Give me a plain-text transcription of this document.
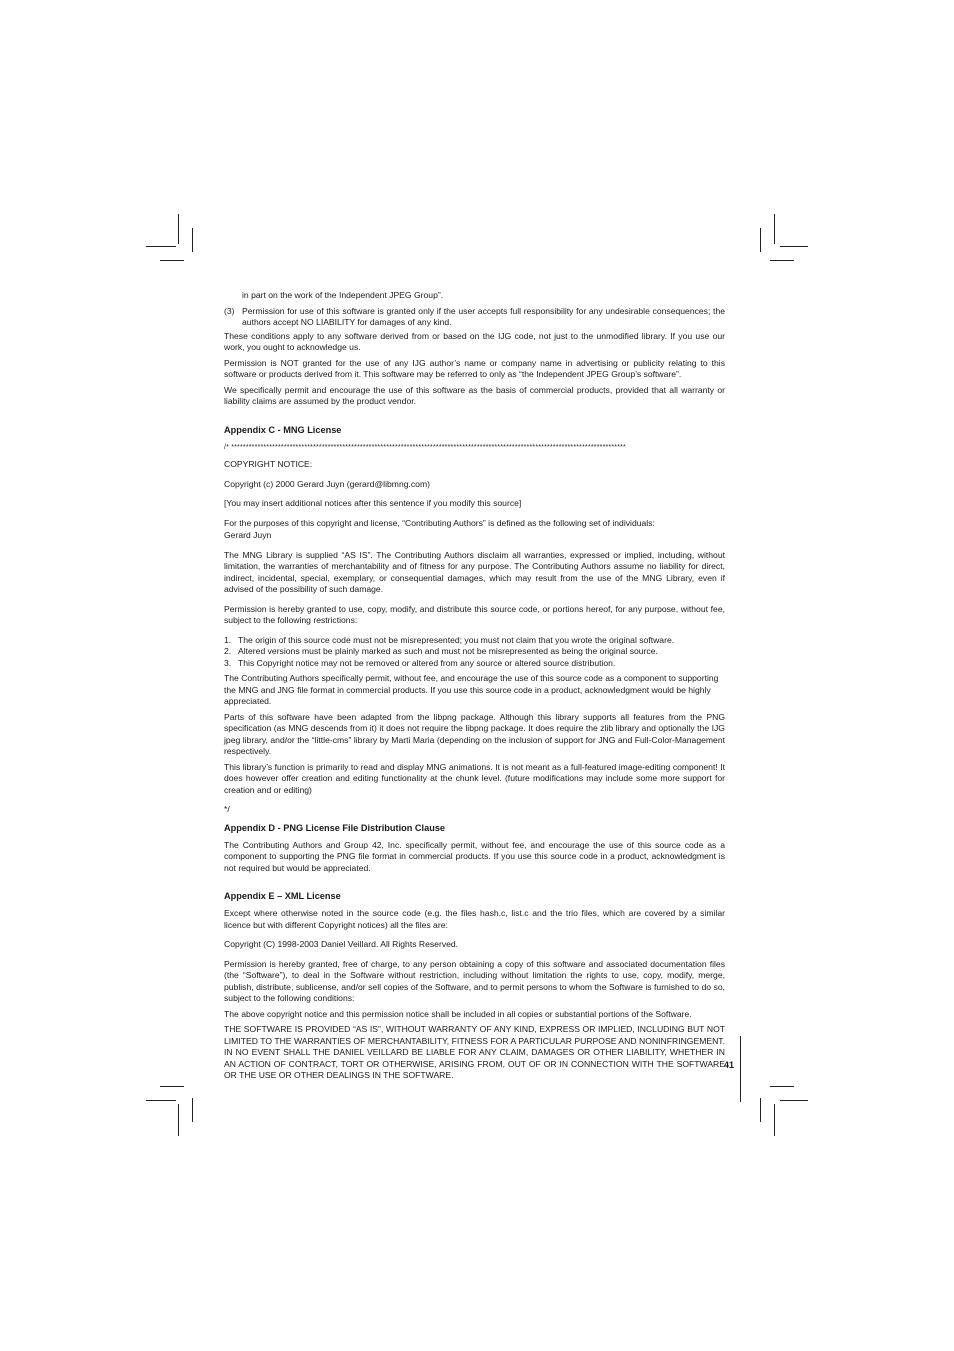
in part on the work of the Independent JPEG Group”.

(3) Permission for use of this software is granted only if the user accepts full responsibility for any undesirable consequences; the authors accept NO LIABILITY for damages of any kind.

These conditions apply to any software derived from or based on the IJG code, not just to the unmodified library. If you use our work, you ought to acknowledge us.

Permission is NOT granted for the use of any IJG author’s name or company name in advertising or publicity relating to this software or products derived from it. This software may be referred to only as “the Independent JPEG Group’s software”.

We specifically permit and encourage the use of this software as the basis of commercial products, provided that all warranty or liability claims are assumed by the product vendor.

Appendix C - MNG License
/* ***************************************************************************************************************************************

COPYRIGHT NOTICE:

Copyright (c) 2000 Gerard Juyn (gerard@libmng.com)

[You may insert additional notices after this sentence if you modify this source]

For the purposes of this copyright and license, “Contributing Authors” is defined as the following set of individuals:

Gerard Juyn

The MNG Library is supplied “AS IS”. The Contributing Authors disclaim all warranties, expressed or implied, including, without limitation, the warranties of merchantability and of fitness for any purpose. The Contributing Authors assume no liability for direct, indirect, incidental, special, exemplary, or consequential damages, which may result from the use of the MNG Library, even if advised of the possibility of such damage.

Permission is hereby granted to use, copy, modify, and distribute this source code, or portions hereof, for any purpose, without fee, subject to the following restrictions:

1. The origin of this source code must not be misrepresented; you must not claim that you wrote the original software.
2. Altered versions must be plainly marked as such and must not be misrepresented as being the original source.
3. This Copyright notice may not be removed or altered from any source or altered source distribution.

The Contributing Authors specifically permit, without fee, and encourage the use of this source code as a component to supporting the MNG and JNG file format in commercial products. If you use this source code in a product, acknowledgment would be highly appreciated.

Parts of this software have been adapted from the libpng package. Although this library supports all features from the PNG specification (as MNG descends from it) it does not require the libpng package. It does require the zlib library and optionally the IJG jpeg library, and/or the “little-cms” library by Marti Maria (depending on the inclusion of support for JNG and Full-Color-Management respectively.

This library’s function is primarily to read and display MNG animations. It is not meant as a full-featured image-editing component! It does however offer creation and editing functionality at the chunk level. (future modifications may include some more support for creation and or editing)

*/

Appendix D - PNG License File Distribution Clause

The Contributing Authors and Group 42, Inc. specifically permit, without fee, and encourage the use of this source code as a component to supporting the PNG file format in commercial products. If you use this source code in a product, acknowledgment is not required but would be appreciated.

Appendix E – XML License

Except where otherwise noted in the source code (e.g. the files hash.c, list.c and the trio files, which are covered by a similar licence but with different Copyright notices) all the files are:

Copyright (C) 1998-2003 Daniel Veillard. All Rights Reserved.

Permission is hereby granted, free of charge, to any person obtaining a copy of this software and associated documentation files (the “Software”), to deal in the Software without restriction, including without limitation the rights to use, copy, modify, merge, publish, distribute, sublicense, and/or sell copies of the Software, and to permit persons to whom the Software is furnished to do so, subject to the following conditions:

The above copyright notice and this permission notice shall be included in all copies or substantial portions of the Software.

THE SOFTWARE IS PROVIDED “AS IS”, WITHOUT WARRANTY OF ANY KIND, EXPRESS OR IMPLIED, INCLUDING BUT NOT LIMITED TO THE WARRANTIES OF MERCHANTABILITY, FITNESS FOR A PARTICULAR PURPOSE AND NONINFRINGEMENT. IN NO EVENT SHALL THE DANIEL VEILLARD BE LIABLE FOR ANY CLAIM, DAMAGES OR OTHER LIABILITY, WHETHER IN AN ACTION OF CONTRACT, TORT OR OTHERWISE, ARISING FROM, OUT OF OR IN CONNECTION WITH THE SOFTWARE OR THE USE OR OTHER DEALINGS IN THE SOFTWARE.

41
